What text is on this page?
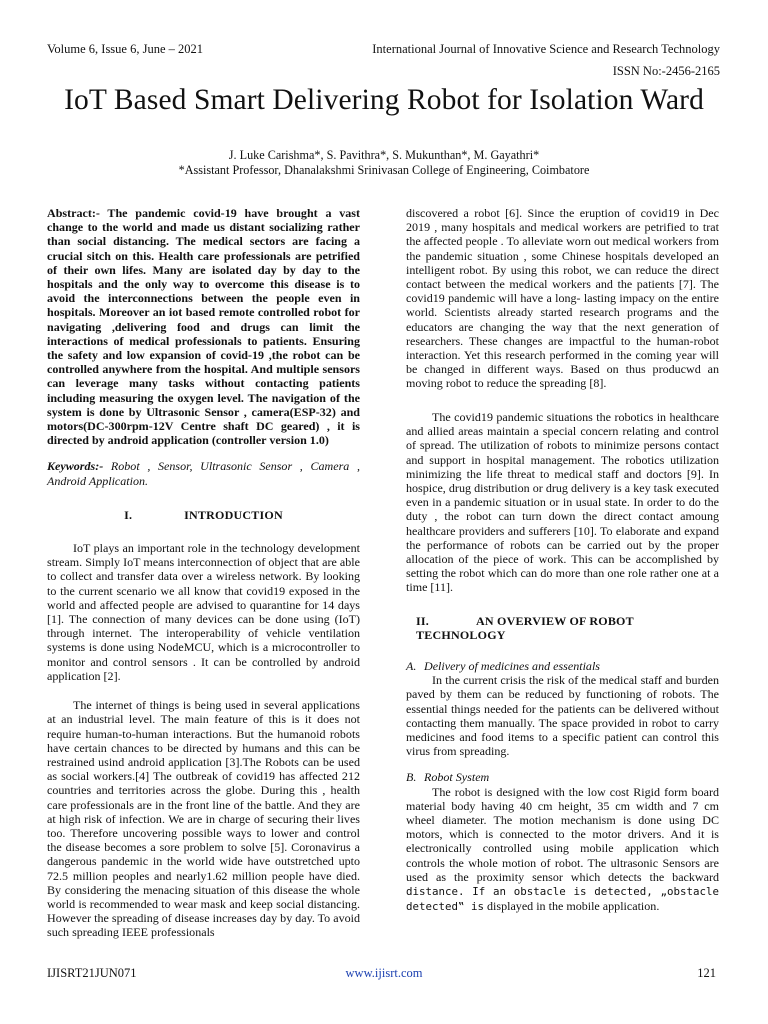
Volume 6, Issue 6, June – 2021	International Journal of Innovative Science and Research Technology
ISSN No:-2456-2165
IoT Based Smart Delivering Robot for Isolation Ward
J. Luke Carishma*, S. Pavithra*, S. Mukunthan*, M. Gayathri*
*Assistant Professor, Dhanalakshmi Srinivasan College of Engineering, Coimbatore

Abstract:- The pandemic covid-19 have brought a vast change to the world and made us distant socializing rather than social distancing. The medical sectors are facing a crucial sitch on this. Health care professionals are petrified of their own lifes. Many are isolated day by day to the hospitals and the only way to overcome this disease is to avoid the interconnections between the people even in hospitals. Moreover an iot based remote controlled robot for navigating ,delivering food and drugs can limit the interactions of medical professionals to patients. Ensuring the safety and low expansion of covid-19 ,the robot can be controlled anywhere from the hospital. And multiple sensors can leverage many tasks without contacting patients including measuring the oxygen level. The navigation of the system is done by Ultrasonic Sensor , camera(ESP-32) and motors(DC-300rpm-12V Centre shaft DC geared) , it is directed by android application (controller version 1.0)

Keywords:- Robot , Sensor, Ultrasonic Sensor , Camera , Android Application.

I.	INTRODUCTION

IoT plays an important role in the technology development stream. Simply IoT means interconnection of object that are able to collect and transfer data over a wireless network. By looking to the current scenario we all know that covid19 exposed in the world and affected people are advised to quarantine for 14 days [1]. The connection of many devices can be done using (IoT) through internet. The interoperability of vehicle ventilation systems is done using NodeMCU, which is a microcontroller to monitor and control sensors . It can be controlled by android application [2].

The internet of things is being used in several applications at an industrial level. The main feature of this is it does not require human-to-human interactions. But the humanoid robots have certain chances to be directed by humans and this can be restrained usind android application [3].The Robots can be used as social workers.[4] The outbreak of covid19 has affected 212 countries and territories across the globe. During this , health care professionals are in the front line of the battle. And they are at high risk of infection. We are in charge of securing their lives too. Therefore uncovering possible ways to lower and control the disease becomes a sore problem to solve [5]. Coronavirus a dangerous pandemic in the world wide have outstretched upto 72.5 million peoples and nearly1.62 million people have died. By considering the menacing situation of this disease the whole world is recommended to wear mask and keep social distancing. However the spreading of disease increases day by day. To avoid such spreading IEEE professionals

discovered a robot [6]. Since the eruption of covid19 in Dec 2019 , many hospitals and medical workers are petrified to trat the affected people . To alleviate worn out medical workers from the pandemic situation , some Chinese hospitals developed an intelligent robot. By using this robot, we can reduce the direct contact between the medical workers and the patients [7]. The covid19 pandemic will have a long- lasting impacy on the entire world. Scientists already started research programs and the educators are changing the way that the next generation of researchers. These changes are impactful to the human-robot interaction. Yet this research performed in the coming year will be changed in different ways. Based on thus producwd an moving robot to reduce the spreading [8].

The covid19 pandemic situations the robotics in healthcare and allied areas maintain a special concern relating and control of spread. The utilization of robots to minimize persons contact and support in hospital management. The robotics utilization minimizing the life threat to medical staff and doctors [9]. In hospice, drug distribution or drug delivery is a key task executed even in a pandemic situation or in usual state. In order to do the duty , the robot can turn down the direct contact amoung healthcare providers and sufferers [10]. To elaborate and expand the performance of robots can be carried out by the proper allocation of the piece of work. This can be accomplished by setting the robot which can do more than one role rather one at a time [11].

II.	AN OVERVIEW OF ROBOT TECHNOLOGY
A. Delivery of medicines and essentials

In the current crisis the risk of the medical staff and burden paved by them can be reduced by functioning of robots. The essential things needed for the patients can be delivered without contacting them manually. The space provided in robot to carry medicines and food items to a specific patient can control this virus from spreading.

B. Robot System

The robot is designed with the low cost Rigid form board material body having 40 cm height, 35 cm width and 7 cm wheel diameter. The motion mechanism is done using DC motors, which is connected to the motor drivers. And it is electronically controlled using mobile application which controls the whole motion of robot. The ultrasonic Sensors are used as the proximity sensor which detects the backward distance. If an obstacle is detected, „obstacle detected‟ is displayed in the mobile application.

IJISRT21JUN071	www.ijisrt.com	121
